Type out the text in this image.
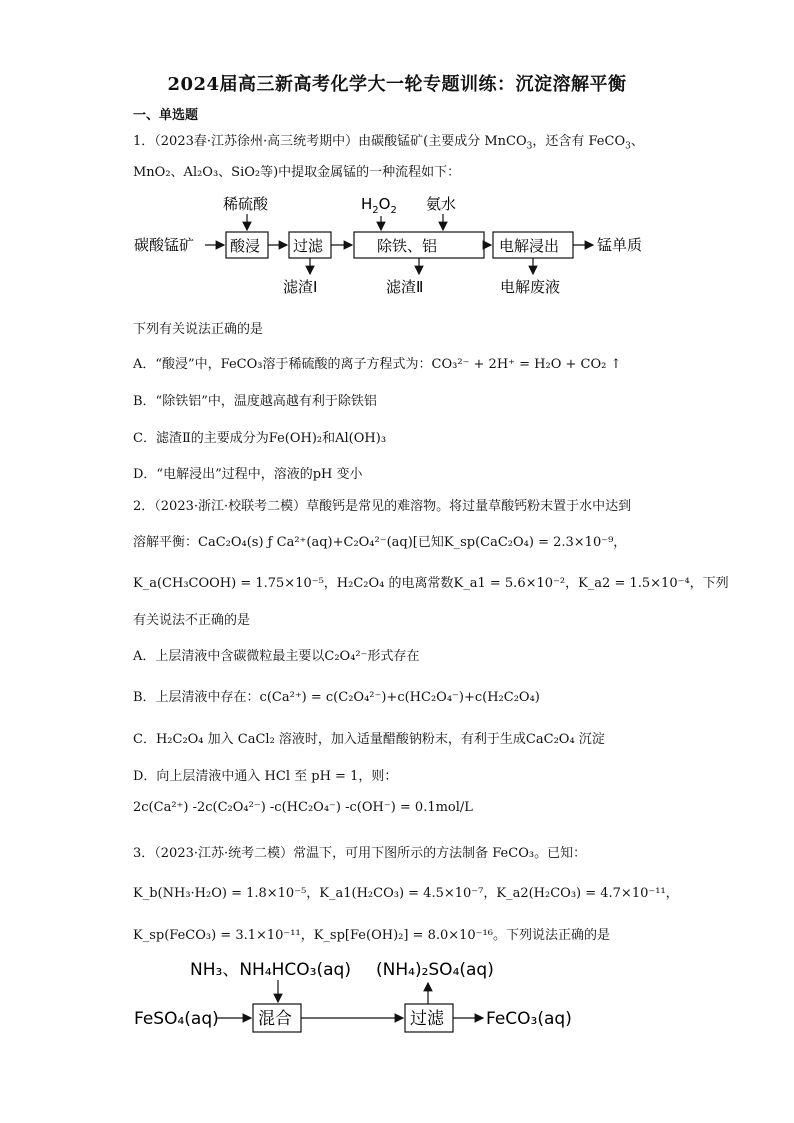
2024届高三新高考化学大一轮专题训练：沉淀溶解平衡
一、单选题
1．（2023春·江苏徐州·高三统考期中）由碳酸锰矿(主要成分 MnCO$_3$，还含有 FeCO$_3$、
MnO₂、Al₂O₃、SiO₂等)中提取金属锰的一种流程如下：
碳酸锰矿 酸浸
稀硫酸
过滤
滤渣Ⅰ
除铁、铝
$H_2O_2$ 氨水
滤渣Ⅱ
电解浸出
电解废液
锰单质
下列有关说法正确的是
A．“酸浸”中，FeCO₃溶于稀硫酸的离子方程式为：CO₃²⁻ + 2H⁺ = H₂O + CO₂ ↑
B．“除铁铝”中，温度越高越有利于除铁铝
C．滤渣Ⅱ的主要成分为Fe(OH)₂和Al(OH)₃
D．“电解浸出”过程中，溶液的pH 变小
2．（2023·浙江·校联考二模）草酸钙是常见的难溶物。将过量草酸钙粉末置于水中达到
溶解平衡：CaC₂O₄(s) ƒ Ca²⁺(aq)+C₂O₄²⁻(aq)[已知K_sp(CaC₂O₄) = 2.3×10⁻⁹，
K_a(CH₃COOH) = 1.75×10⁻⁵，H₂C₂O₄ 的电离常数K_a1 = 5.6×10⁻²，K_a2 = 1.5×10⁻⁴，下列
有关说法不正确的是
A．上层清液中含碳微粒最主要以C₂O₄²⁻形式存在
B．上层清液中存在：c(Ca²⁺) = c(C₂O₄²⁻)+c(HC₂O₄⁻)+c(H₂C₂O₄)
C．H₂C₂O₄ 加入 CaCl₂ 溶液时，加入适量醋酸钠粉末，有利于生成CaC₂O₄ 沉淀
D．向上层清液中通入 HCl 至 pH = 1，则：
2c(Ca²⁺) -2c(C₂O₄²⁻) -c(HC₂O₄⁻) -c(OH⁻) = 0.1mol/L
3．（2023·江苏·统考二模）常温下，可用下图所示的方法制备 FeCO₃。已知：
K_b(NH₃·H₂O) = 1.8×10⁻⁵，K_a1(H₂CO₃) = 4.5×10⁻⁷，K_a2(H₂CO₃) = 4.7×10⁻¹¹，
K_sp(FeCO₃) = 3.1×10⁻¹¹，K_sp[Fe(OH)₂] = 8.0×10⁻¹⁶。下列说法正确的是
NH₃、NH₄HCO₃(aq) (NH₄)₂SO₄(aq)
FeSO₄(aq) 混合	过滤 FeCO₃(aq)
